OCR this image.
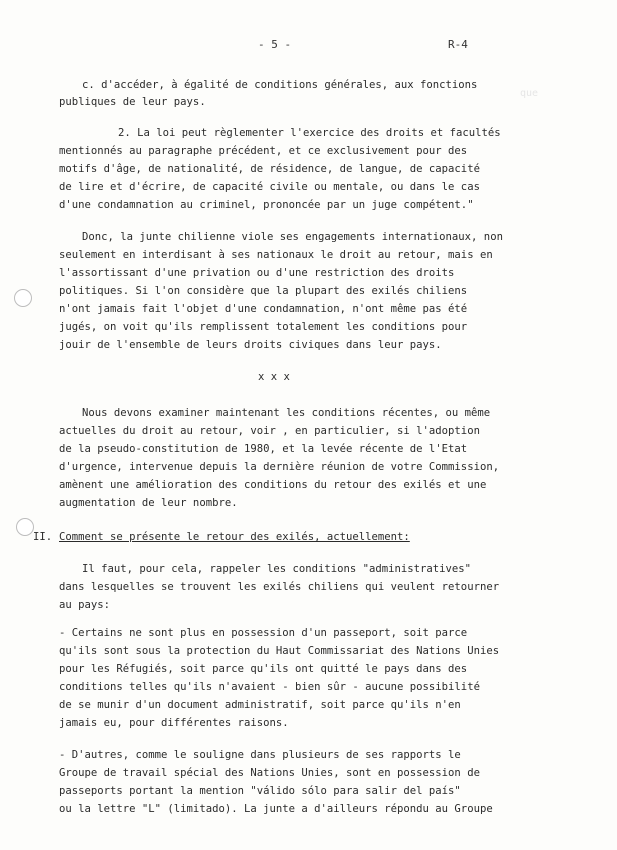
que
- 5 -	R-4
c. d'accéder, à égalité de conditions générales, aux fonctions
publiques de leur pays.
2. La loi peut règlementer l'exercice des droits et facultés
mentionnés au paragraphe précédent, et ce exclusivement pour des
motifs d'âge, de nationalité, de résidence, de langue, de capacité
de lire et d'écrire, de capacité civile ou mentale, ou dans le cas
d'une condamnation au criminel, prononcée par un juge compétent."
Donc, la junte chilienne viole ses engagements internationaux, non
seulement en interdisant à ses nationaux le droit au retour, mais en
l'assortissant d'une privation ou d'une restriction des droits
politiques. Si l'on considère que la plupart des exilés chiliens
n'ont jamais fait l'objet d'une condamnation, n'ont même pas été
jugés, on voit qu'ils remplissent totalement les conditions pour
jouir de l'ensemble de leurs droits civiques dans leur pays.
x x x
Nous devons examiner maintenant les conditions récentes, ou même
actuelles du droit au retour, voir , en particulier, si l'adoption
de la pseudo-constitution de 1980, et la levée récente de l'Etat
d'urgence, intervenue depuis la dernière réunion de votre Commission,
amènent une amélioration des conditions du retour des exilés et une
augmentation de leur nombre.
II. Comment se présente le retour des exilés, actuellement:
Il faut, pour cela, rappeler les conditions "administratives"
dans lesquelles se trouvent les exilés chiliens qui veulent retourner
au pays:
- Certains ne sont plus en possession d'un passeport, soit parce
qu'ils sont sous la protection du Haut Commissariat des Nations Unies
pour les Réfugiés, soit parce qu'ils ont quitté le pays dans des
conditions telles qu'ils n'avaient - bien sûr - aucune possibilité
de se munir d'un document administratif, soit parce qu'ils n'en
jamais eu, pour différentes raisons.
- D'autres, comme le souligne dans plusieurs de ses rapports le
Groupe de travail spécial des Nations Unies, sont en possession de
passeports portant la mention "válido sólo para salir del país"
ou la lettre "L" (limitado). La junte a d'ailleurs répondu au Groupe
